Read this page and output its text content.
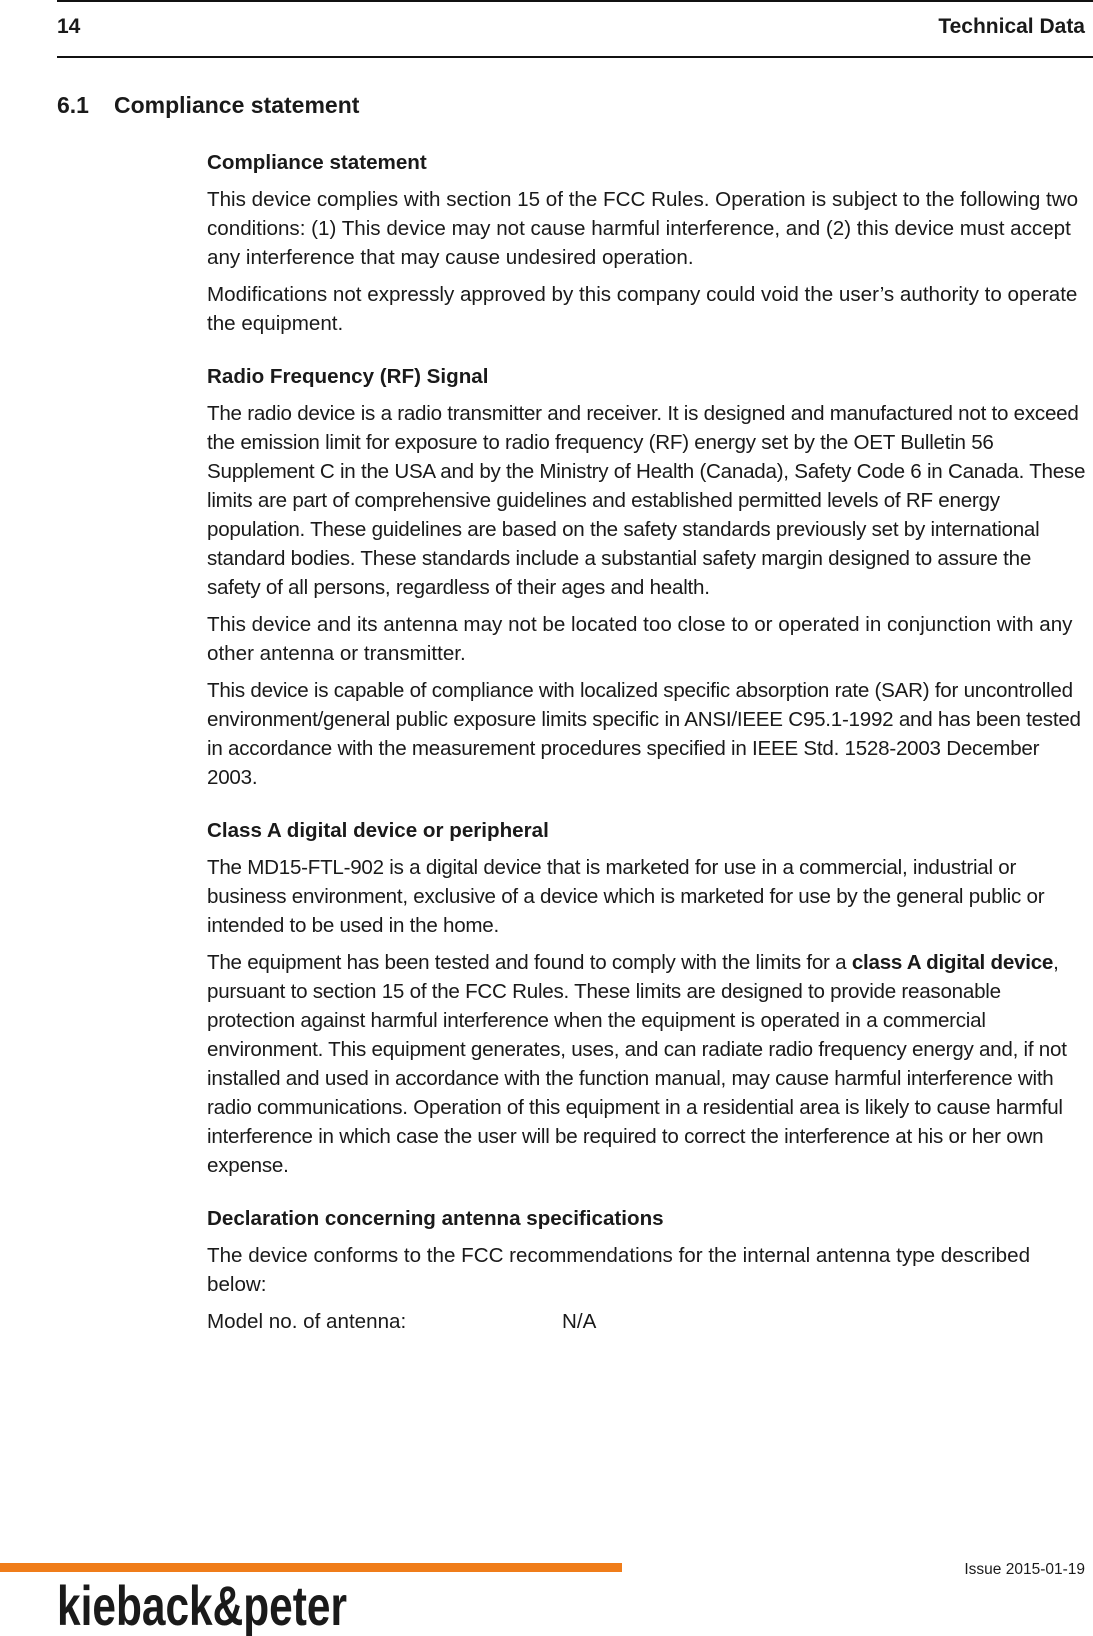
14	Technical Data
6.1 Compliance statement
Compliance statement

This device complies with section 15 of the FCC Rules. Operation is subject to the following two conditions: (1) This device may not cause harmful interference, and (2) this device must accept any interference that may cause undesired operation.

Modifications not expressly approved by this company could void the user’s authority to operate the equipment.

Radio Frequency (RF) Signal

The radio device is a radio transmitter and receiver. It is designed and manufactured not to exceed the emission limit for exposure to radio frequency (RF) energy set by the OET Bulletin 56 Supplement C in the USA and by the Ministry of Health (Canada), Safety Code 6 in Canada. These limits are part of comprehensive guidelines and established permitted levels of RF energy population. These guidelines are based on the safety standards previously set by international standard bodies. These standards include a substantial safety margin designed to assure the safety of all persons, regardless of their ages and health.

This device and its antenna may not be located too close to or operated in conjunction with any other antenna or transmitter.

This device is capable of compliance with localized specific absorption rate (SAR) for uncontrolled environment/general public exposure limits specific in ANSI/IEEE C95.1-1992 and has been tested in accordance with the measurement procedures specified in IEEE Std. 1528-2003 December 2003.

Class A digital device or peripheral

The MD15-FTL-902 is a digital device that is marketed for use in a commercial, industrial or business environment, exclusive of a device which is marketed for use by the general public or intended to be used in the home.

The equipment has been tested and found to comply with the limits for a class A digital device, pursuant to section 15 of the FCC Rules. These limits are designed to provide reasonable protection against harmful interference when the equipment is operated in a commercial environment. This equipment generates, uses, and can radiate radio frequency energy and, if not installed and used in accordance with the function manual, may cause harmful interference with radio communications. Operation of this equipment in a residential area is likely to cause harmful interference in which case the user will be required to correct the interference at his or her own expense.

Declaration concerning antenna specifications

The device conforms to the FCC recommendations for the internal antenna type described below:

Model no. of antenna:	N/A
Issue 2015-01-19
kieback&peter
